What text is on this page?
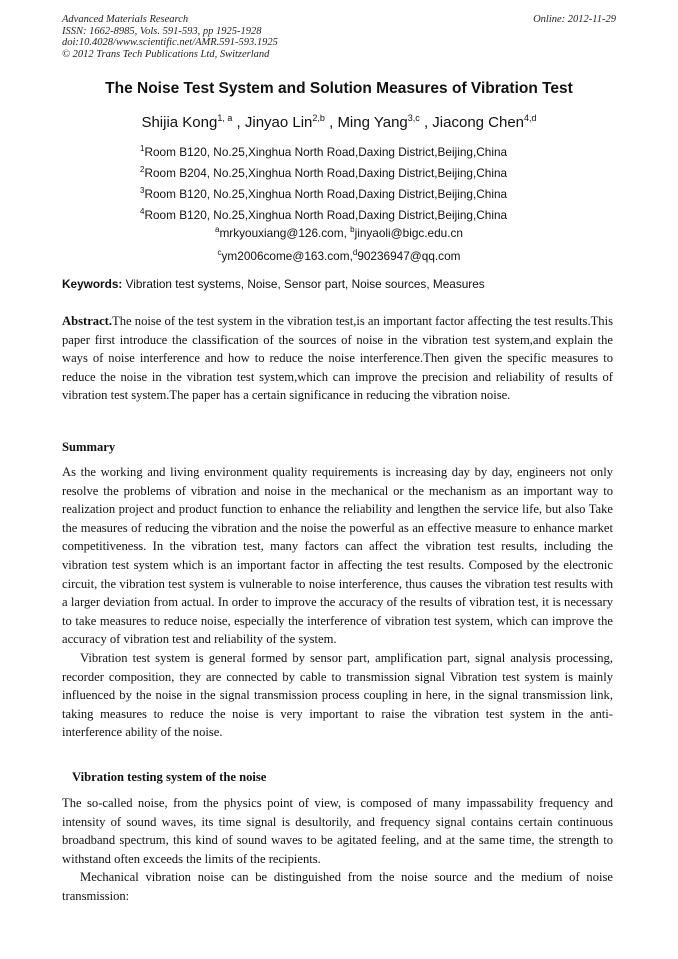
Advanced Materials Research
ISSN: 1662-8985, Vols. 591-593, pp 1925-1928
doi:10.4028/www.scientific.net/AMR.591-593.1925
© 2012 Trans Tech Publications Ltd, Switzerland
Online: 2012-11-29
The Noise Test System and Solution Measures of Vibration Test
Shijia Kong$^{1, a}$ , Jinyao Lin$^{2,b}$ , Ming Yang$^{3,c}$ , Jiacong Chen$^{4,d}$
$^1$Room B120, No.25,Xinghua North Road,Daxing District,Beijing,China
$^2$Room B204, No.25,Xinghua North Road,Daxing District,Beijing,China
$^3$Room B120, No.25,Xinghua North Road,Daxing District,Beijing,China
$^4$Room B120, No.25,Xinghua North Road,Daxing District,Beijing,China
$^a$mrkyouxiang@126.com, $^b$jinyaoli@bigc.edu.cn
$^c$ym2006come@163.com,$^d$90236947@qq.com
Keywords: Vibration test systems, Noise, Sensor part, Noise sources, Measures

Abstract.The noise of the test system in the vibration test,is an important factor affecting the test results.This paper first introduce the classification of the sources of noise in the vibration test system,and explain the ways of noise interference and how to reduce the noise interference.Then given the specific measures to reduce the noise in the vibration test system,which can improve the precision and reliability of results of vibration test system.The paper has a certain significance in reducing the vibration noise.

Summary

As the working and living environment quality requirements is increasing day by day, engineers not only resolve the problems of vibration and noise in the mechanical or the mechanism as an important way to realization project and product function to enhance the reliability and lengthen the service life, but also Take the measures of reducing the vibration and the noise the powerful as an effective measure to enhance market competitiveness. In the vibration test, many factors can affect the vibration test results, including the vibration test system which is an important factor in affecting the test results. Composed by the electronic circuit, the vibration test system is vulnerable to noise interference, thus causes the vibration test results with a larger deviation from actual. In order to improve the accuracy of the results of vibration test, it is necessary to take measures to reduce noise, especially the interference of vibration test system, which can improve the accuracy of vibration test and reliability of the system.

Vibration test system is general formed by sensor part, amplification part, signal analysis processing, recorder composition, they are connected by cable to transmission signal Vibration test system is mainly influenced by the noise in the signal transmission process coupling in here, in the signal transmission link, taking measures to reduce the noise is very important to raise the vibration test system in the anti-interference ability of the noise.

Vibration testing system of the noise

The so-called noise, from the physics point of view, is composed of many impassability frequency and intensity of sound waves, its time signal is desultorily, and frequency signal contains certain continuous broadband spectrum, this kind of sound waves to be agitated feeling, and at the same time, the strength to withstand often exceeds the limits of the recipients.

Mechanical vibration noise can be distinguished from the noise source and the medium of noise transmission:
